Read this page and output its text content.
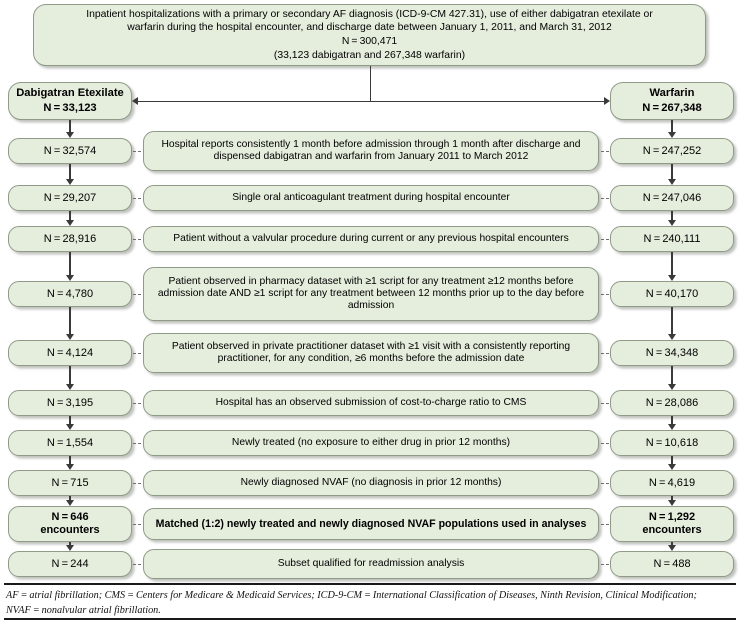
Inpatient hospitalizations with a primary or secondary AF diagnosis (ICD-9-CM 427.31), use of either dabigatran etexilate or
warfarin during the hospital encounter, and discharge date between January 1, 2011, and March 31, 2012
N = 300,471
(33,123 dabigatran and 267,348 warfarin)
Dabigatran Etexilate
N = 33,123
Warfarin
N = 267,348
Hospital reports consistently 1 month before admission through 1 month after discharge and dispensed dabigatran and warfarin from January 2011 to March 2012
N = 32,574	N = 247,252
Single oral anticoagulant treatment during hospital encounter
N = 29,207	N = 247,046
Patient without a valvular procedure during current or any previous hospital encounters
N = 28,916	N = 240,111
Patient observed in pharmacy dataset with ≥1 script for any treatment ≥12 months before admission date AND ≥1 script for any treatment between 12 months prior up to the day before admission
N = 4,780	N = 40,170
Patient observed in private practitioner dataset with ≥1 visit with a consistently reporting practitioner, for any condition, ≥6 months before the admission date
N = 4,124	N = 34,348
Hospital has an observed submission of cost-to-charge ratio to CMS
N = 3,195	N = 28,086
Newly treated (no exposure to either drug in prior 12 months)
N = 1,554	N = 10,618
Newly diagnosed NVAF (no diagnosis in prior 12 months)
N = 715	N = 4,619
Matched (1:2) newly treated and newly diagnosed NVAF populations used in analyses
N = 646
encounters
N = 1,292
encounters
Subset qualified for readmission analysis
N = 244	N = 488
AF = atrial fibrillation; CMS = Centers for Medicare & Medicaid Services; ICD-9-CM = International Classification of Diseases, Ninth Revision, Clinical Modification;
NVAF = nonalvular atrial fibrillation.
